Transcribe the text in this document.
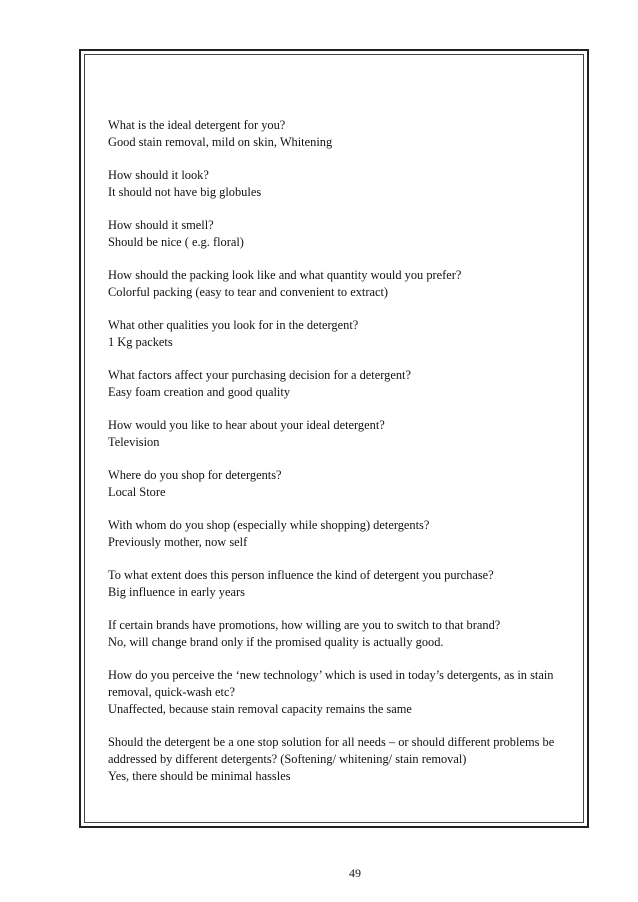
What is the ideal detergent for you?

Good stain removal, mild on skin, Whitening

How should it look?

It should not have big globules

How should it smell?

Should be nice ( e.g. floral)

How should the packing look like and what quantity would you prefer?

Colorful packing (easy to tear and convenient to extract)

What other qualities you look for in the detergent?

1 Kg packets

What factors affect your purchasing decision for a detergent?

Easy foam creation and good quality

How would you like to hear about your ideal detergent?

Television

Where do you shop for detergents?

Local Store

With whom do you shop (especially while shopping) detergents?

Previously mother, now self

To what extent does this person influence the kind of detergent you purchase?

Big influence in early years

If certain brands have promotions, how willing are you to switch to that brand?

No, will change brand only if the promised quality is actually good.

How do you perceive the ‘new technology’ which is used in today’s detergents, as in stain removal, quick-wash etc?

Unaffected, because stain removal capacity remains the same

Should the detergent be a one stop solution for all needs – or should different problems be addressed by different detergents? (Softening/ whitening/ stain removal)

Yes, there should be minimal hassles

49
